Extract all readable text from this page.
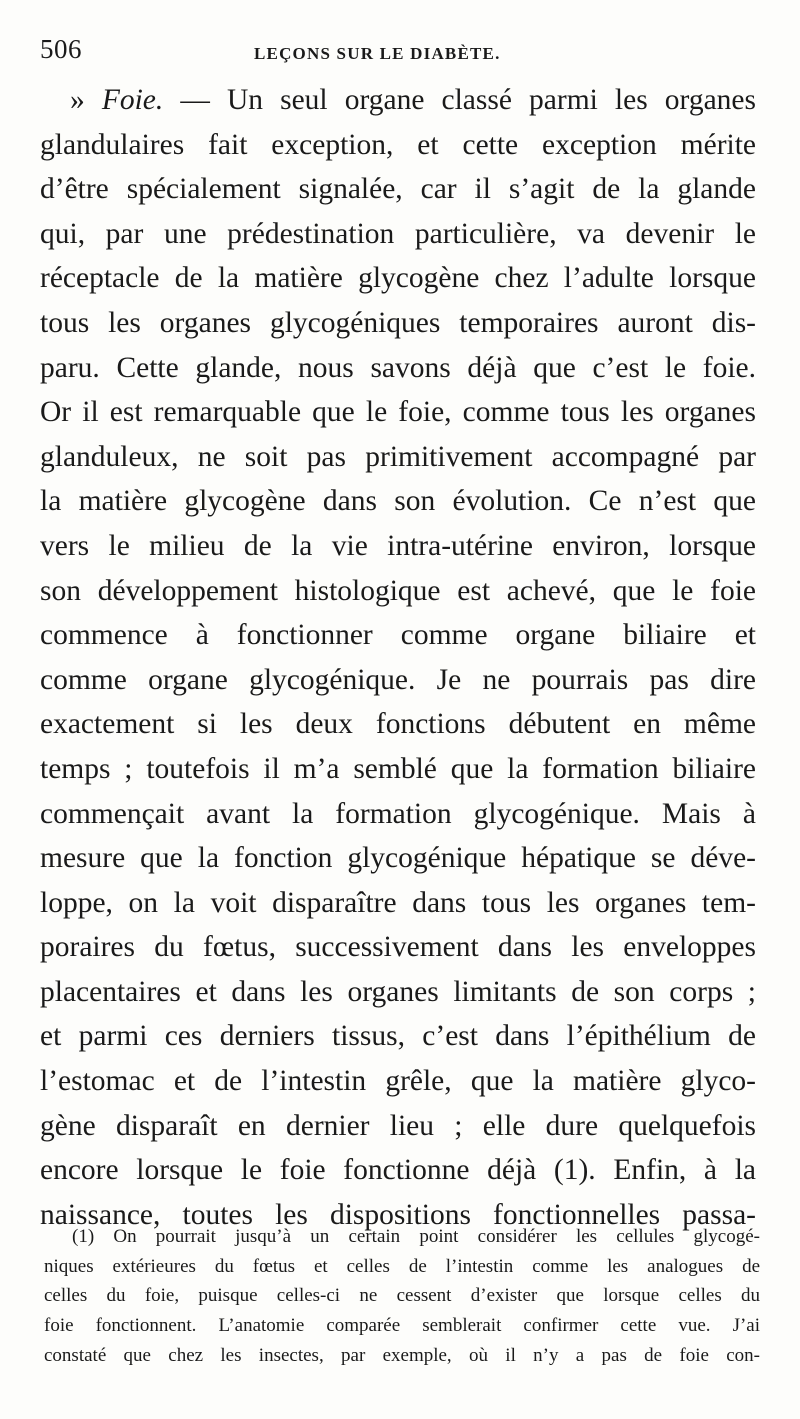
506	LEÇONS SUR LE DIABÈTE.
» Foie. — Un seul organe classé parmi les organes
glandulaires fait exception, et cette exception mérite
d’être spécialement signalée, car il s’agit de la glande
qui, par une prédestination particulière, va devenir le
réceptacle de la matière glycogène chez l’adulte lorsque
tous les organes glycogéniques temporaires auront dis-
paru. Cette glande, nous savons déjà que c’est le foie.
Or il est remarquable que le foie, comme tous les organes
glanduleux, ne soit pas primitivement accompagné par
la matière glycogène dans son évolution. Ce n’est que
vers le milieu de la vie intra-utérine environ, lorsque
son développement histologique est achevé, que le foie
commence à fonctionner comme organe biliaire et
comme organe glycogénique. Je ne pourrais pas dire
exactement si les deux fonctions débutent en même
temps ; toutefois il m’a semblé que la formation biliaire
commençait avant la formation glycogénique. Mais à
mesure que la fonction glycogénique hépatique se déve-
loppe, on la voit disparaître dans tous les organes tem-
poraires du fœtus, successivement dans les enveloppes
placentaires et dans les organes limitants de son corps ;
et parmi ces derniers tissus, c’est dans l’épithélium de
l’estomac et de l’intestin grêle, que la matière glyco-
gène disparaît en dernier lieu ; elle dure quelquefois
encore lorsque le foie fonctionne déjà (1). Enfin, à la
naissance, toutes les dispositions fonctionnelles passa-
(1) On pourrait jusqu’à un certain point considérer les cellules glycogé-
niques extérieures du fœtus et celles de l’intestin comme les analogues de
celles du foie, puisque celles-ci ne cessent d’exister que lorsque celles du
foie fonctionnent. L’anatomie comparée semblerait confirmer cette vue. J’ai
constaté que chez les insectes, par exemple, où il n’y a pas de foie con-
